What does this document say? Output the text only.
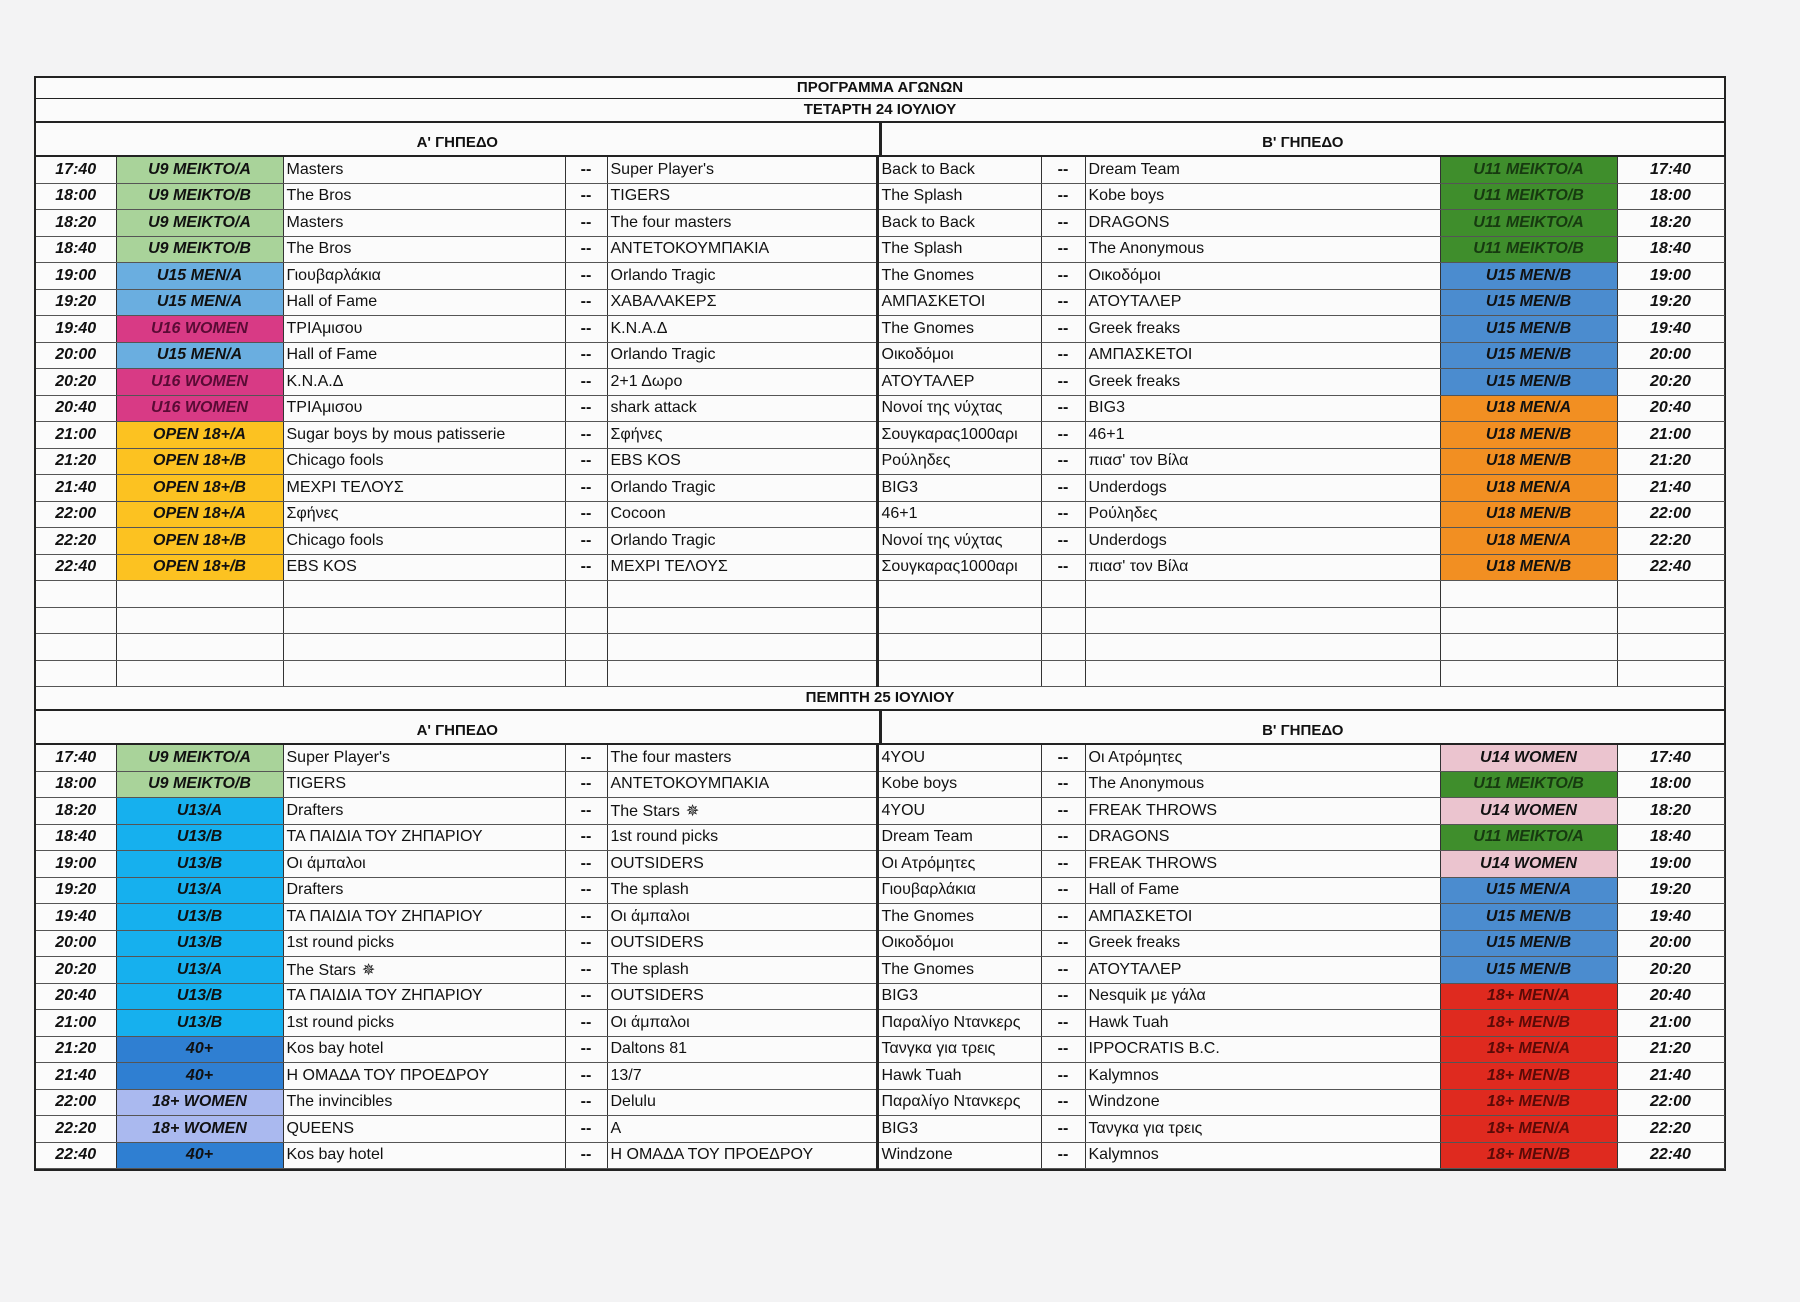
ΠΡΟΓΡΑΜΜΑ ΑΓΩΝΩΝ
ΤΕΤΑΡΤΗ 24 ΙΟΥΛΙΟΥ
Α' ΓΗΠΕΔΟ	Β' ΓΗΠΕΔΟ
17:40	U9 ΜΕΙΚΤΟ/Α	Masters	--	Super Player's	Back to Back	--	Dream Team	U11 ΜΕΙΚΤΟ/Α	17:40
18:00	U9 ΜΕΙΚΤΟ/Β	The Bros	--	TIGERS	The Splash	--	Kobe boys	U11 ΜΕΙΚΤΟ/Β	18:00
18:20	U9 ΜΕΙΚΤΟ/Α	Masters	--	The four masters	Back to Back	--	DRAGONS	U11 ΜΕΙΚΤΟ/Α	18:20
18:40	U9 ΜΕΙΚΤΟ/Β	The Bros	--	ΑΝΤΕΤΟΚΟΥΜΠΑΚΙΑ	The Splash	--	The Anonymous	U11 ΜΕΙΚΤΟ/Β	18:40
19:00	U15 ΜΕΝ/Α	Γιουβαρλάκια	--	Orlando Tragic	The Gnomes	--	Οικοδόμοι	U15 ΜΕΝ/Β	19:00
19:20	U15 ΜΕΝ/Α	Hall of Fame	--	ΧΑΒΑΛΑΚΕΡΣ	ΑΜΠΑΣΚΕΤΟΙ	--	ΑΤΟΥΤΑΛΕΡ	U15 ΜΕΝ/Β	19:20
19:40	U16 WOMEN	ΤΡΙΑμισου	--	K.N.A.Δ	The Gnomes	--	Greek freaks	U15 ΜΕΝ/Β	19:40
20:00	U15 ΜΕΝ/Α	Hall of Fame	--	Orlando Tragic	Οικοδόμοι	--	ΑΜΠΑΣΚΕΤΟΙ	U15 ΜΕΝ/Β	20:00
20:20	U16 WOMEN	K.N.A.Δ	--	2+1 Δωρο	ΑΤΟΥΤΑΛΕΡ	--	Greek freaks	U15 ΜΕΝ/Β	20:20
20:40	U16 WOMEN	ΤΡΙΑμισου	--	shark attack	Νονοί της νύχτας	--	BIG3	U18 ΜΕΝ/Α	20:40
21:00	OPEN 18+/A	Sugar boys by mous patisserie	--	Σφήνες	Σουγκαρας1000αρι	--	46+1	U18 ΜΕΝ/Β	21:00
21:20	OPEN 18+/B	Chicago fools	--	EBS KOS	Ρούληδες	--	πιασ' τον Βίλα	U18 ΜΕΝ/Β	21:20
21:40	OPEN 18+/B	ΜΕΧΡΙ ΤΕΛΟΥΣ	--	Orlando Tragic	BIG3	--	Underdogs	U18 ΜΕΝ/Α	21:40
22:00	OPEN 18+/A	Σφήνες	--	Cocoon	46+1	--	Ρούληδες	U18 ΜΕΝ/Β	22:00
22:20	OPEN 18+/B	Chicago fools	--	Orlando Tragic	Νονοί της νύχτας	--	Underdogs	U18 ΜΕΝ/Α	22:20
22:40	OPEN 18+/B	EBS KOS	--	ΜΕΧΡΙ ΤΕΛΟΥΣ	Σουγκαρας1000αρι	--	πιασ' τον Βίλα	U18 ΜΕΝ/Β	22:40

ΠΕΜΠΤΗ 25 ΙΟΥΛΙΟΥ
Α' ΓΗΠΕΔΟ	Β' ΓΗΠΕΔΟ
17:40	U9 ΜΕΙΚΤΟ/Α	Super Player's	--	The four masters	4YOU	--	Οι Ατρόμητες	U14 WOMEN	17:40
18:00	U9 ΜΕΙΚΤΟ/Β	TIGERS	--	ΑΝΤΕΤΟΚΟΥΜΠΑΚΙΑ	Kobe boys	--	The Anonymous	U11 ΜΕΙΚΤΟ/Β	18:00
18:20	U13/A	Drafters	--	The Stars ✵	4YOU	--	FREAK THROWS	U14 WOMEN	18:20
18:40	U13/B	ΤΑ ΠΑΙΔΙΑ ΤΟΥ ΖΗΠΑΡΙΟΥ	--	1st round picks	Dream Team	--	DRAGONS	U11 ΜΕΙΚΤΟ/Α	18:40
19:00	U13/B	Οι άμπαλοι	--	OUTSIDERS	Οι Ατρόμητες	--	FREAK THROWS	U14 WOMEN	19:00
19:20	U13/A	Drafters	--	The splash	Γιουβαρλάκια	--	Hall of Fame	U15 ΜΕΝ/Α	19:20
19:40	U13/B	ΤΑ ΠΑΙΔΙΑ ΤΟΥ ΖΗΠΑΡΙΟΥ	--	Οι άμπαλοι	The Gnomes	--	ΑΜΠΑΣΚΕΤΟΙ	U15 ΜΕΝ/Β	19:40
20:00	U13/B	1st round picks	--	OUTSIDERS	Οικοδόμοι	--	Greek freaks	U15 ΜΕΝ/Β	20:00
20:20	U13/A	The Stars ✵	--	The splash	The Gnomes	--	ΑΤΟΥΤΑΛΕΡ	U15 ΜΕΝ/Β	20:20
20:40	U13/B	ΤΑ ΠΑΙΔΙΑ ΤΟΥ ΖΗΠΑΡΙΟΥ	--	OUTSIDERS	BIG3	--	Nesquik με γάλα	18+ ΜΕΝ/Α	20:40
21:00	U13/B	1st round picks	--	Οι άμπαλοι	Παραλίγο Ντανκερς	--	Hawk Tuah	18+ ΜΕΝ/Β	21:00
21:20	40+	Kos bay hotel	--	Daltons 81	Τανγκα για τρεις	--	IPPOCRATIS B.C.	18+ ΜΕΝ/Α	21:20
21:40	40+	Η ΟΜΑΔΑ ΤΟΥ ΠΡΟΕΔΡΟΥ	--	13/7	Hawk Tuah	--	Kalymnos	18+ ΜΕΝ/Β	21:40
22:00	18+ WOMEN	The invincibles	--	Delulu	Παραλίγο Ντανκερς	--	Windzone	18+ ΜΕΝ/Β	22:00
22:20	18+ WOMEN	QUEENS	--	A	BIG3	--	Τανγκα για τρεις	18+ ΜΕΝ/Α	22:20
22:40	40+	Kos bay hotel	--	Η ΟΜΑΔΑ ΤΟΥ ΠΡΟΕΔΡΟΥ	Windzone	--	Kalymnos	18+ ΜΕΝ/Β	22:40
